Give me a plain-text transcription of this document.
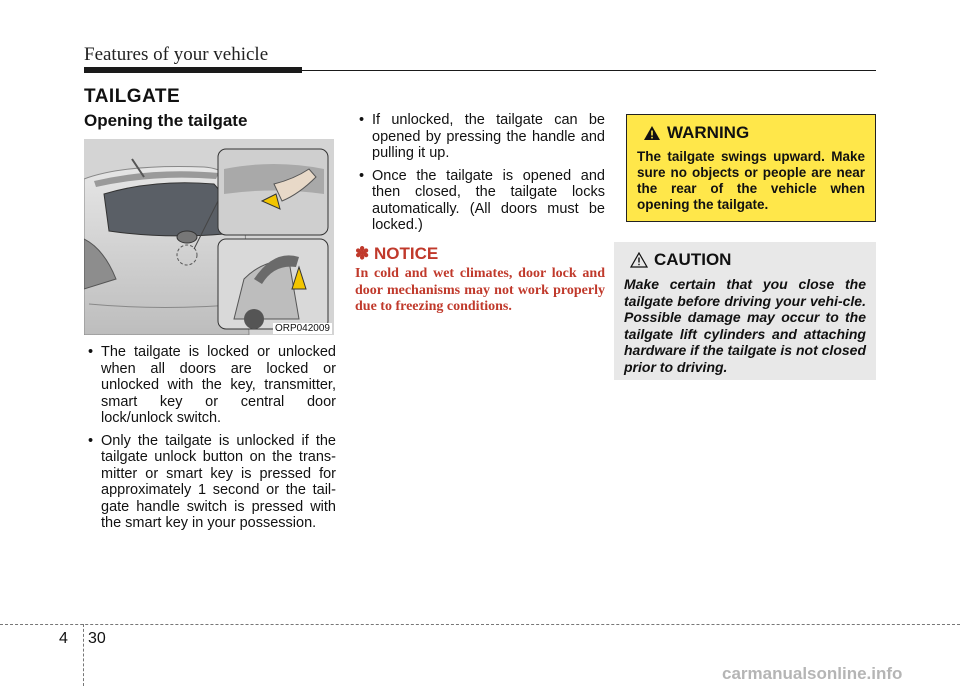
Features of your vehicle
TAILGATE
Opening the tailgate
ORP042009
• The tailgate is locked or unlocked when all doors are locked or unlocked with the key, transmitter, smart key or central door lock/unlock switch.
• Only the tailgate is unlocked if the tailgate unlock button on the trans-mitter or smart key is pressed for approximately 1 second or the tail-gate handle switch is pressed with the smart key in your possession.
• If unlocked, the tailgate can be opened by pressing the handle and pulling it up.
• Once the tailgate is opened and then closed, the tailgate locks automatically. (All doors must be locked.)
✽ NOTICE
In cold and wet climates, door lock and door mechanisms may not work properly due to freezing conditions.
WARNING
The tailgate swings upward. Make sure no objects or people are near the rear of the vehicle when opening the tailgate.
CAUTION
Make certain that you close the tailgate before driving your vehi-cle. Possible damage may occur to the tailgate lift cylinders and attaching hardware if the tailgate is not closed prior to driving.
4 30
carmanualsonline.info
